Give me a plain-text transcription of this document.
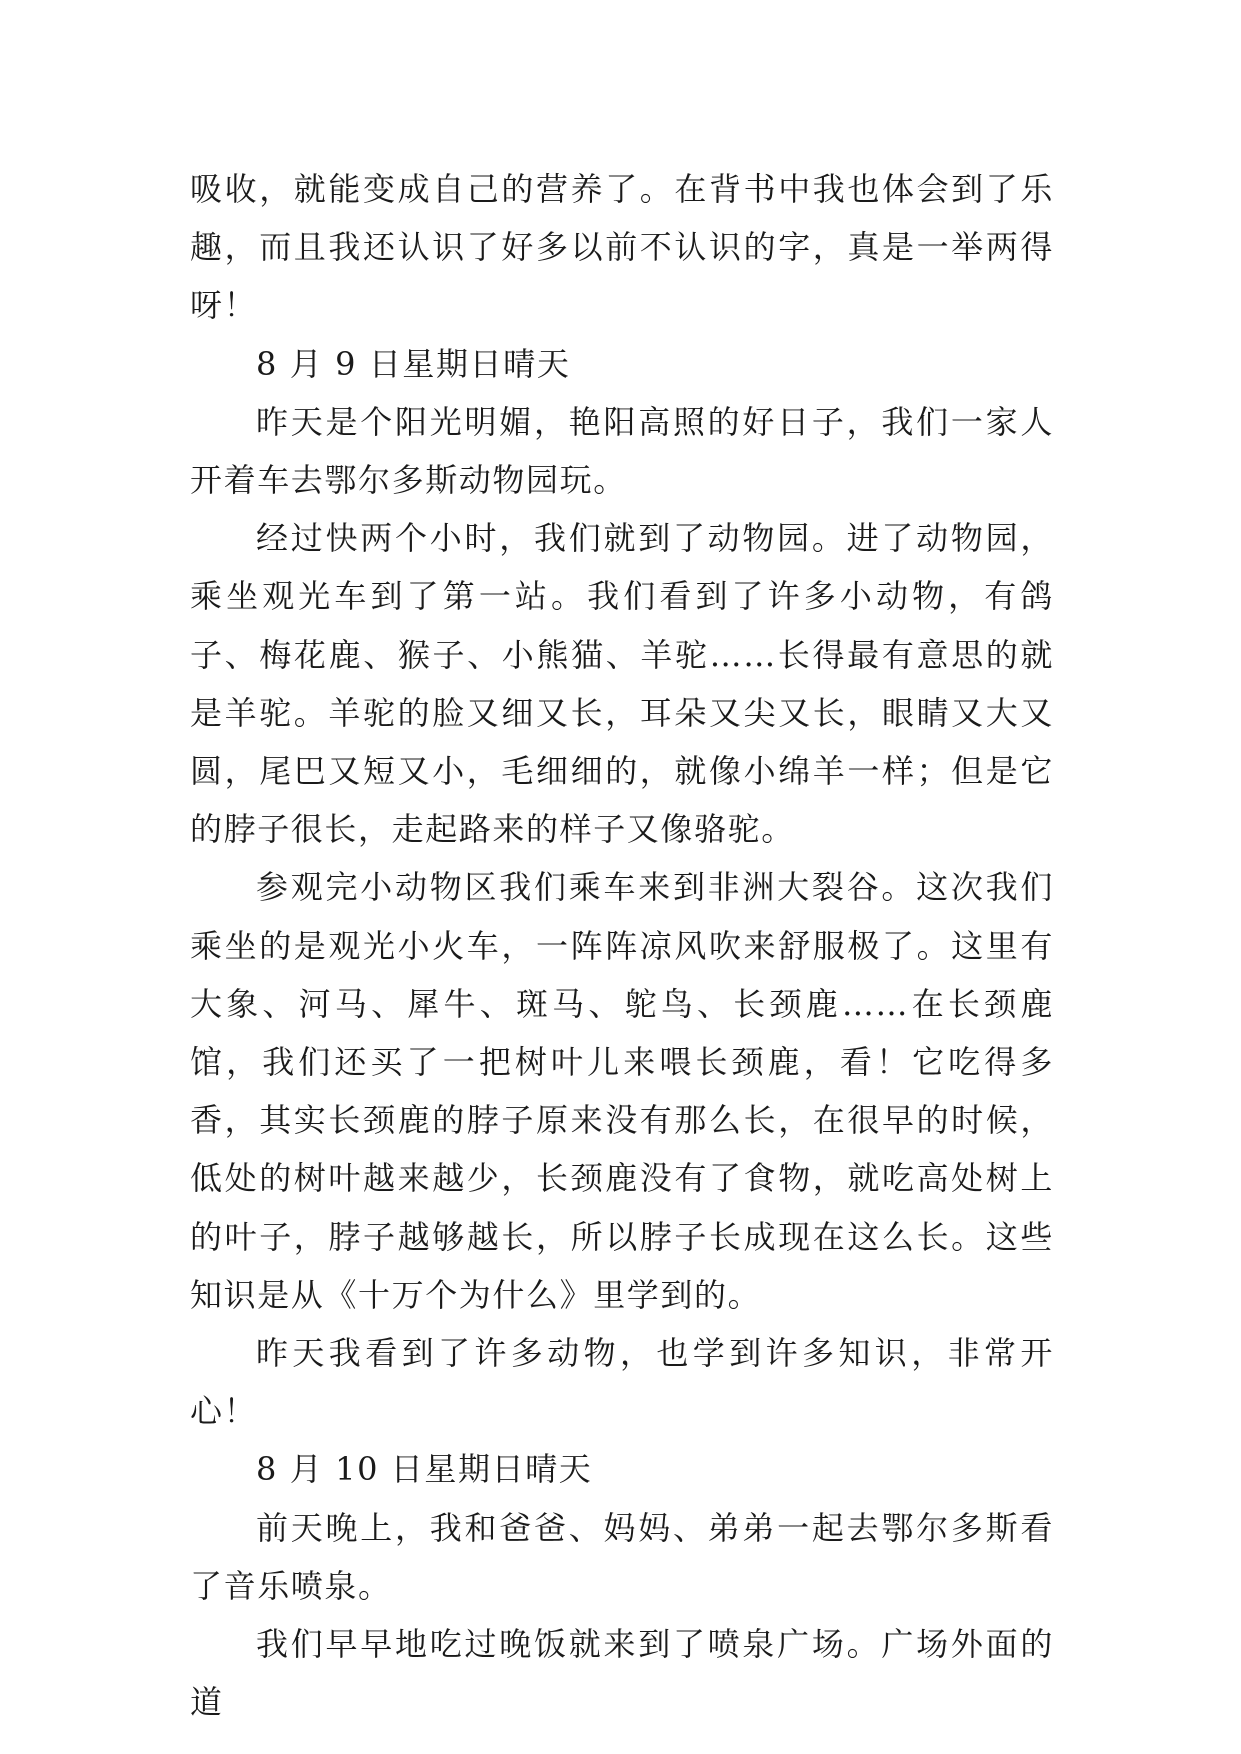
吸收，就能变成自己的营养了。在背书中我也体会到了乐趣，而且我还认识了好多以前不认识的字，真是一举两得呀！

8 月 9 日星期日晴天

昨天是个阳光明媚，艳阳高照的好日子，我们一家人开着车去鄂尔多斯动物园玩。

经过快两个小时，我们就到了动物园。进了动物园，乘坐观光车到了第一站。我们看到了许多小动物，有鸽子、梅花鹿、猴子、小熊猫、羊驼……长得最有意思的就是羊驼。羊驼的脸又细又长，耳朵又尖又长，眼睛又大又圆，尾巴又短又小，毛细细的，就像小绵羊一样；但是它的脖子很长，走起路来的样子又像骆驼。

参观完小动物区我们乘车来到非洲大裂谷。这次我们乘坐的是观光小火车，一阵阵凉风吹来舒服极了。这里有大象、河马、犀牛、斑马、鸵鸟、长颈鹿……在长颈鹿馆，我们还买了一把树叶儿来喂长颈鹿，看！它吃得多香，其实长颈鹿的脖子原来没有那么长，在很早的时候，低处的树叶越来越少，长颈鹿没有了食物，就吃高处树上的叶子，脖子越够越长，所以脖子长成现在这么长。这些知识是从《十万个为什么》里学到的。

昨天我看到了许多动物，也学到许多知识，非常开心！

8 月 10 日星期日晴天

前天晚上，我和爸爸、妈妈、弟弟一起去鄂尔多斯看了音乐喷泉。

我们早早地吃过晚饭就来到了喷泉广场。广场外面的道
